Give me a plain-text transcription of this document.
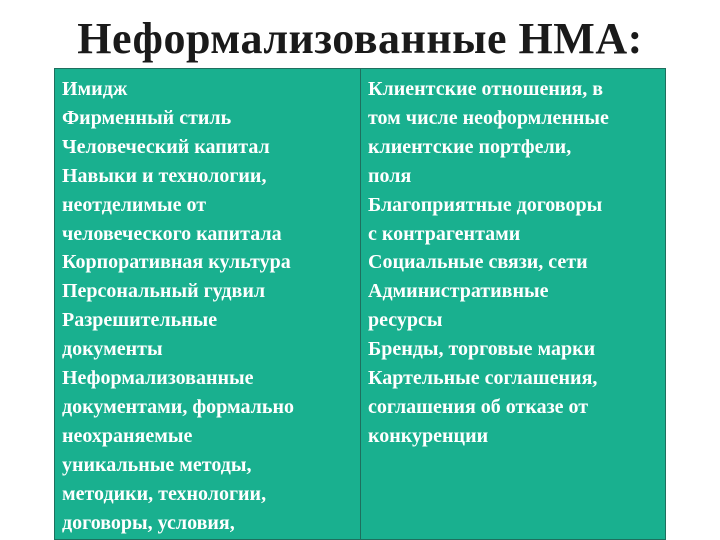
Неформализованные НМА:
Имидж
Фирменный стиль
Человеческий капитал
Навыки и технологии,
неотделимые от
человеческого капитала
Корпоративная культура
Персональный гудвил
Разрешительные
документы
Неформализованные
документами, формально
неохраняемые
уникальные методы,
методики, технологии,
договоры, условия,
Клиентские отношения, в
том числе неоформленные
клиентские портфели,
поля
Благоприятные договоры
с контрагентами
Социальные связи, сети
Административные
ресурсы
Бренды, торговые марки
Картельные соглашения,
соглашения об отказе от
конкуренции
